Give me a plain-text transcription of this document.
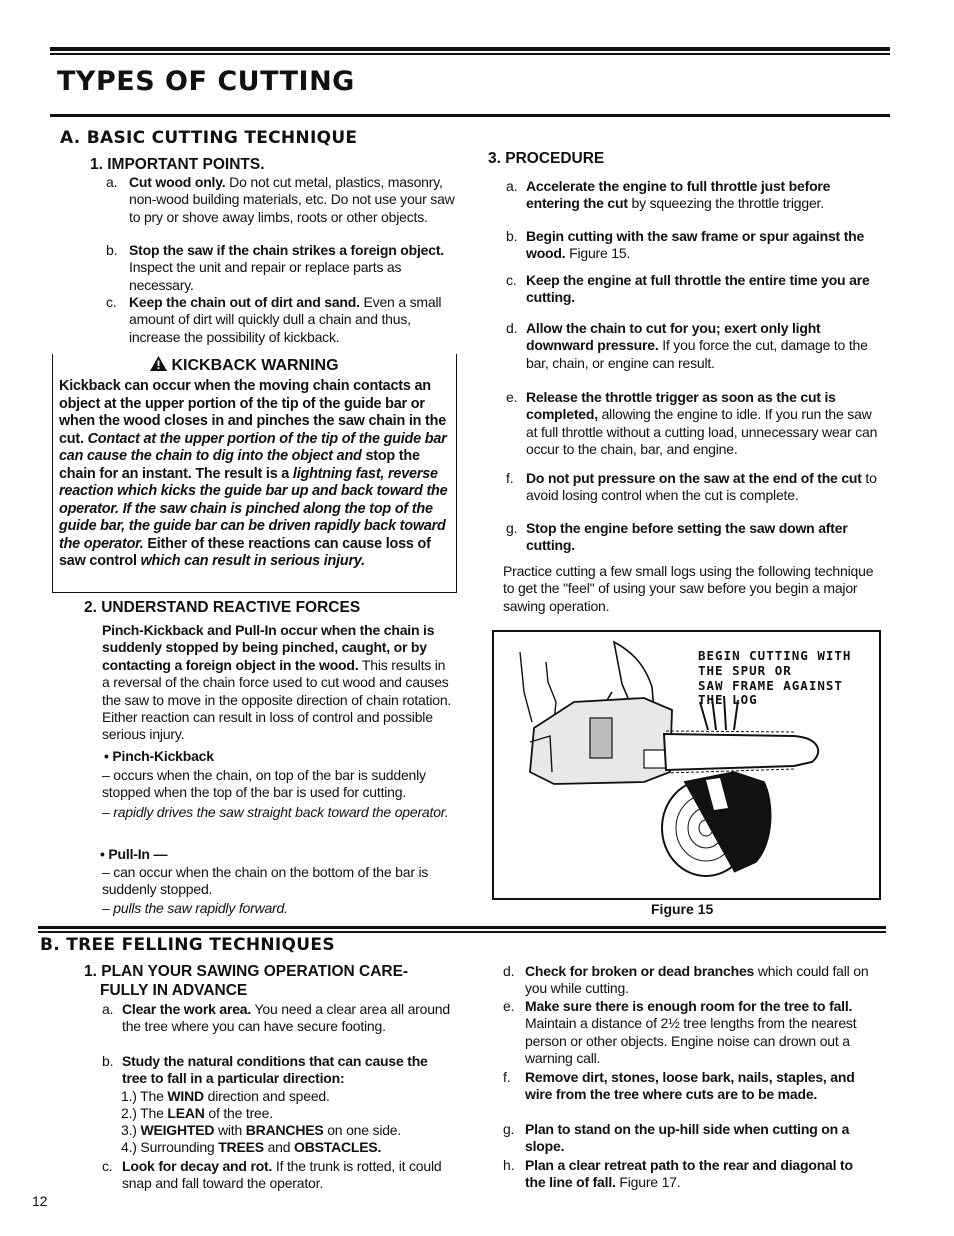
TYPES OF CUTTING
A. BASIC CUTTING TECHNIQUE
1. IMPORTANT POINTS.
a. Cut wood only. Do not cut metal, plastics, masonry, non-wood building materials, etc. Do not use your saw to pry or shove away limbs, roots or other objects.
b. Stop the saw if the chain strikes a foreign object. Inspect the unit and repair or replace parts as necessary.
c. Keep the chain out of dirt and sand. Even a small amount of dirt will quickly dull a chain and thus, increase the possibility of kickback.
KICKBACK WARNING
Kickback can occur when the moving chain contacts an object at the upper portion of the tip of the guide bar or when the wood closes in and pinches the saw chain in the cut. Contact at the upper portion of the tip of the guide bar can cause the chain to dig into the object and stop the chain for an instant. The result is a lightning fast, reverse reaction which kicks the guide bar up and back toward the operator. If the saw chain is pinched along the top of the guide bar, the guide bar can be driven rapidly back toward the operator. Either of these reactions can cause loss of saw control which can result in serious injury.
2. UNDERSTAND REACTIVE FORCES
Pinch-Kickback and Pull-In occur when the chain is suddenly stopped by being pinched, caught, or by contacting a foreign object in the wood. This results in a reversal of the chain force used to cut wood and causes the saw to move in the opposite direction of chain rotation. Either reaction can result in loss of control and possible serious injury.
• Pinch-Kickback
– occurs when the chain, on top of the bar is suddenly stopped when the top of the bar is used for cutting.
– rapidly drives the saw straight back toward the operator.
• Pull-In —
– can occur when the chain on the bottom of the bar is suddenly stopped.
– pulls the saw rapidly forward.
3. PROCEDURE
a. Accelerate the engine to full throttle just before entering the cut by squeezing the throttle trigger.
b. Begin cutting with the saw frame or spur against the wood. Figure 15.
c. Keep the engine at full throttle the entire time you are cutting.
d. Allow the chain to cut for you; exert only light downward pressure. If you force the cut, damage to the bar, chain, or engine can result.
e. Release the throttle trigger as soon as the cut is completed, allowing the engine to idle. If you run the saw at full throttle without a cutting load, unnecessary wear can occur to the chain, bar, and engine.
f. Do not put pressure on the saw at the end of the cut to avoid losing control when the cut is complete.
g. Stop the engine before setting the saw down after cutting.
Practice cutting a few small logs using the following technique to get the "feel" of using your saw before you begin a major sawing operation.
BEGIN CUTTING WITH
THE SPUR OR
SAW FRAME AGAINST
THE LOG
Figure 15
B. TREE FELLING TECHNIQUES
1. PLAN YOUR SAWING OPERATION CARE-
FULLY IN ADVANCE
a. Clear the work area. You need a clear area all around the tree where you can have secure footing.
b. Study the natural conditions that can cause the tree to fall in a particular direction:
1.) The WIND direction and speed.
2.) The LEAN of the tree.
3.) WEIGHTED with BRANCHES on one side.
4.) Surrounding TREES and OBSTACLES.
c. Look for decay and rot. If the trunk is rotted, it could snap and fall toward the operator.
d. Check for broken or dead branches which could fall on you while cutting.
e. Make sure there is enough room for the tree to fall. Maintain a distance of 2½ tree lengths from the nearest person or other objects. Engine noise can drown out a warning call.
f. Remove dirt, stones, loose bark, nails, staples, and wire from the tree where cuts are to be made.
g. Plan to stand on the up-hill side when cutting on a slope.
h. Plan a clear retreat path to the rear and diagonal to the line of fall. Figure 17.
12
